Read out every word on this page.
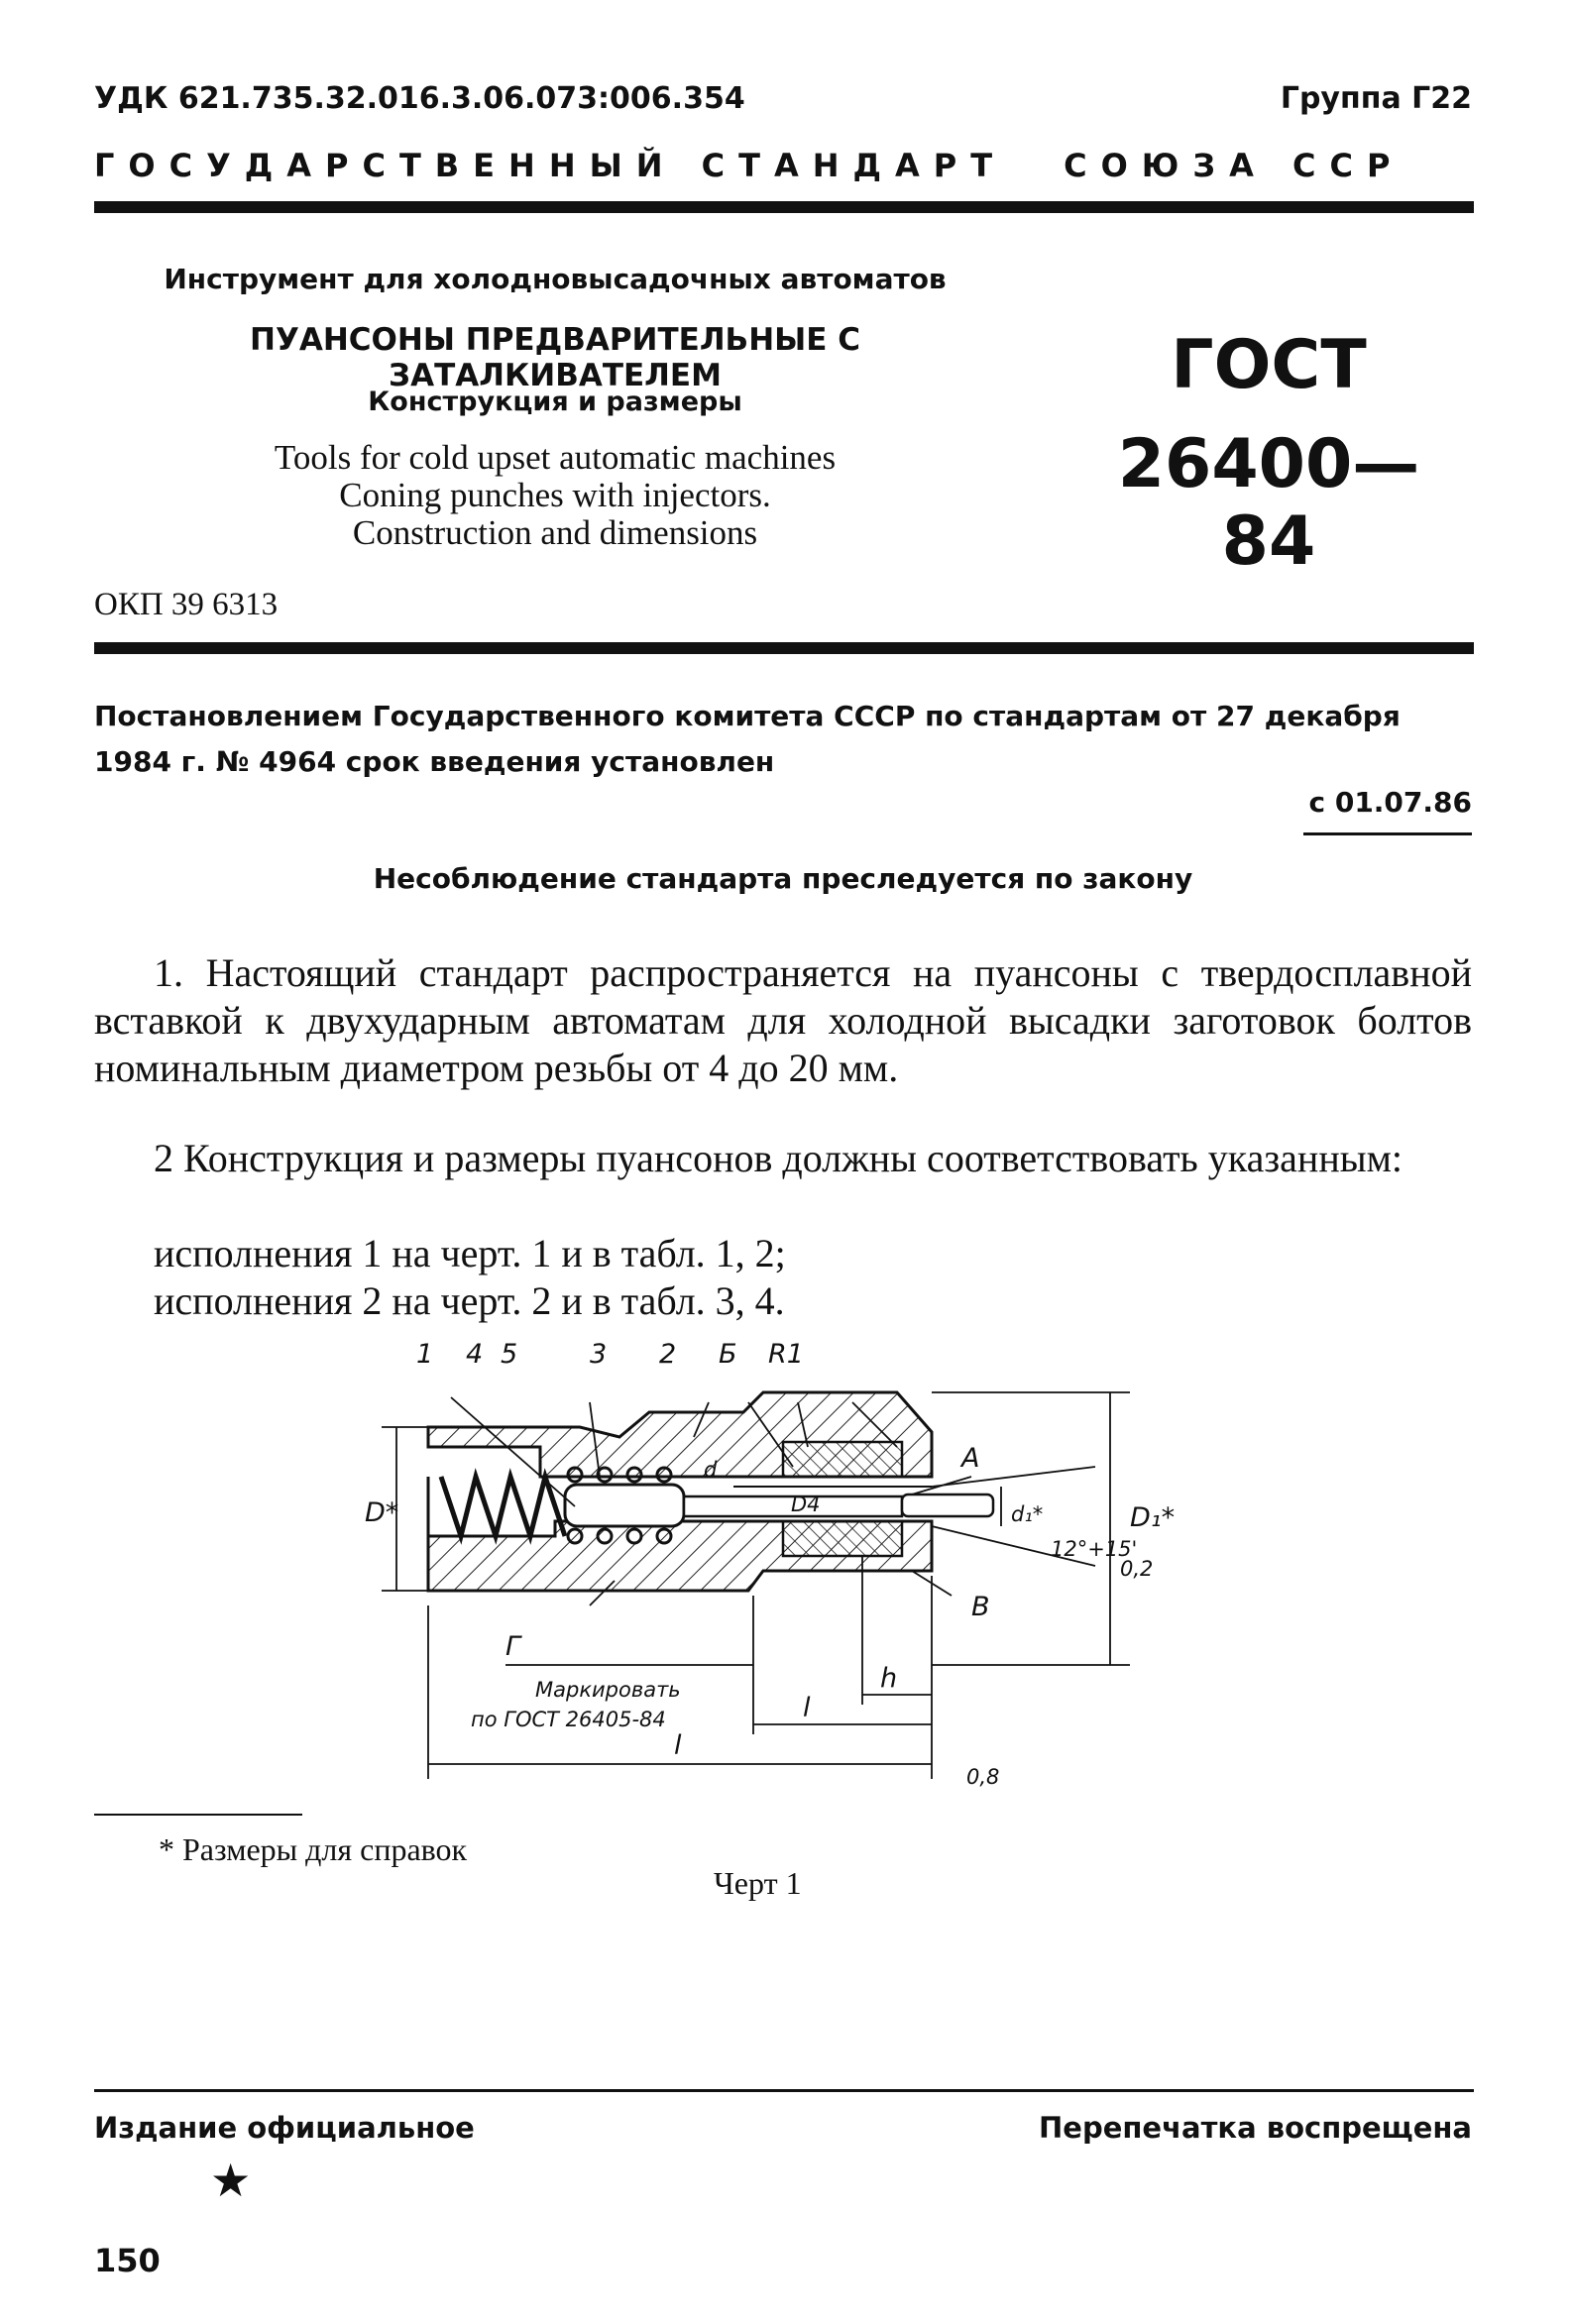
УДК 621.735.32.016.3.06.073:006.354	Группа Г22
ГОСУДАРСТВЕННЫЙ СТАНДАРТ СОЮЗА ССР
Инструмент для холодновысадочных автоматов
ПУАНСОНЫ ПРЕДВАРИТЕЛЬНЫЕ С ЗАТАЛКИВАТЕЛЕМ
Конструкция и размеры
Tools for cold upset automatic machines
Coning punches with injectors.
Construction and dimensions
ГОСТ
26400—84
ОКП 39 6313
Постановлением Государственного комитета СССР по стандартам от 27 декабря 1984 г. № 4964 срок введения установлен
с 01.07.86
Несоблюдение стандарта преследуется по закону
1. Настоящий стандарт распространяется на пуансоны с твердосплавной вставкой к двухударным автоматам для холодной высадки заготовок болтов номинальным диаметром резьбы от 4 до 20 мм.
2 Конструкция и размеры пуансонов должны соответствовать указанным:
исполнения 1 на черт. 1 и в табл. 1, 2;
исполнения 2 на черт. 2 и в табл. 3, 4.
1 4 5	3 2 Б R1
А
В
Г
D*	D₁*
d₁*
d
12°+15'
0,2
0,8
D4
l
h
l
Маркировать
по ГОСТ 26405-84
* Размеры для справок
Черт 1
Издание официальное	Перепечатка воспрещена
★
150
